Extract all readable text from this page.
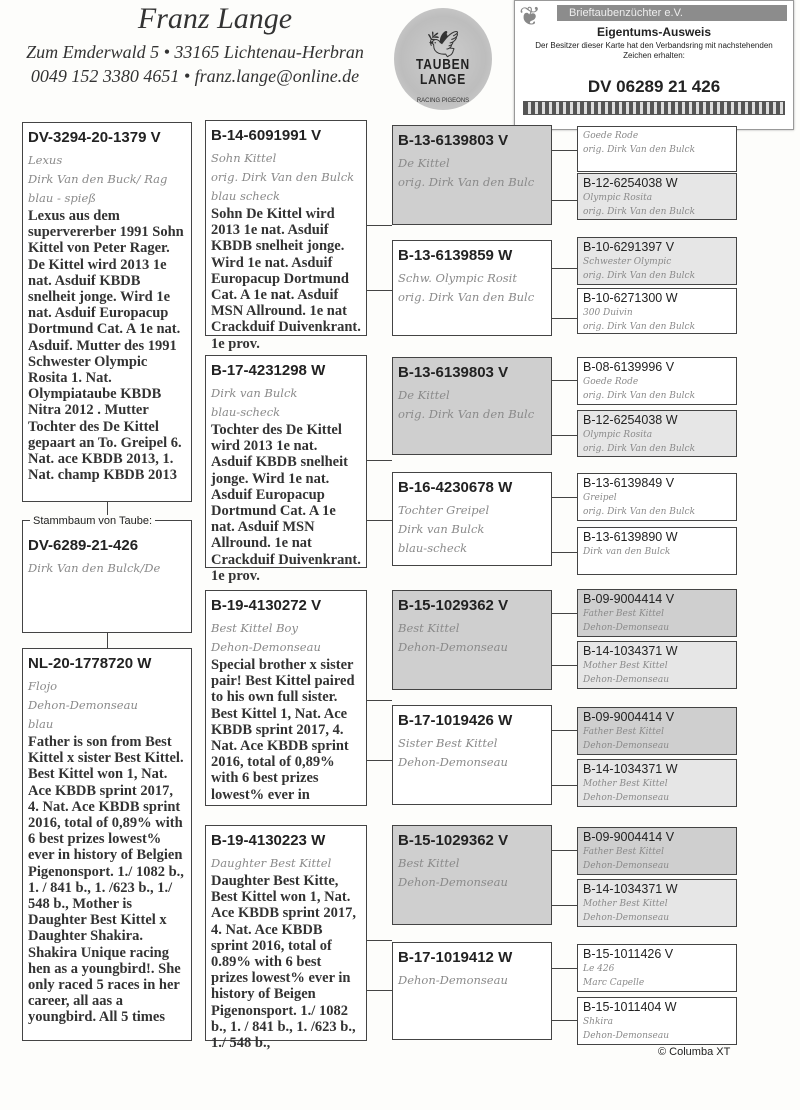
Franz Lange
Zum Emderwald 5 • 33165 Lichtenau-Herbran
0049 152 3380 4651 • franz.lange@online.de
🕊
TAUBEN LANGE
RACING PIGEONS
❦	Brieftaubenzüchter e.V.
Eigentums-Ausweis
Der Besitzer dieser Karte hat den Verbandsring mit nachstehenden Zeichen erhalten:
DV 06289 21 426
Stammbaum von Taube:
DV-6289-21-426
Dirk Van den Bulck/De
DV-3294-20-1379 V
Lexus
Dirk Van den Buck/ Rag
blau - spieß
Lexus aus dem supervererber 1991 Sohn Kittel von Peter Rager. De Kittel wird 2013 1e nat. Asduif KBDB snelheit jonge. Wird 1e nat. Asduif Europacup Dortmund Cat. A 1e nat. Asduif. Mutter des 1991 Schwester Olympic Rosita 1. Nat. Olympiataube KBDB Nitra 2012 . Mutter Tochter des De Kittel gepaart an To. Greipel 6. Nat. ace KBDB 2013, 1. Nat. champ KBDB 2013
NL-20-1778720 W
Flojo
Dehon-Demonseau
blau
Father is son from Best Kittel x sister Best Kittel. Best Kittel won 1, Nat. Ace KBDB sprint 2017, 4. Nat. Ace KBDB sprint 2016, total of 0,89% with 6 best prizes lowest% ever in history of Belgien Pigenonsport. 1./ 1082 b., 1. / 841 b., 1. /623 b., 1./ 548 b., Mother is Daughter Best Kittel x Daughter Shakira. Shakira Unique racing hen as a youngbird!. She only raced 5 races in her career, all aas a youngbird. All 5 times
B-14-6091991 V
Sohn Kittel
orig. Dirk Van den Bulck
blau scheck
Sohn De Kittel wird 2013 1e nat. Asduif KBDB snelheit jonge. Wird 1e nat. Asduif Europacup Dortmund Cat. A 1e nat. Asduif MSN Allround. 1e nat Crackduif Duivenkrant. 1e prov.
B-17-4231298 W
Dirk van Bulck
blau-scheck
Tochter des De Kittel wird 2013 1e nat. Asduif KBDB snelheit jonge. Wird 1e nat. Asduif Europacup Dortmund Cat. A 1e nat. Asduif MSN Allround. 1e nat Crackduif Duivenkrant. 1e prov.
B-19-4130272 V
Best Kittel Boy
Dehon-Demonseau
Special brother x sister pair! Best Kittel paired to his own full sister. Best Kittel 1, Nat. Ace KBDB sprint 2017, 4. Nat. Ace KBDB sprint 2016, total of 0,89% with 6 best prizes lowest% ever in
B-19-4130223 W
Daughter Best Kittel
Daughter Best Kitte, Best Kittel won 1, Nat. Ace KBDB sprint 2017, 4. Nat. Ace KBDB sprint 2016, total of 0.89% with 6 best prizes lowest% ever in history of Beigen Pigenonsport. 1./ 1082 b., 1. / 841 b., 1. /623 b., 1./ 548 b.,
B-13-6139803 V
De Kittel
orig. Dirk Van den Bulc
B-13-6139859 W
Schw. Olympic Rosit
orig. Dirk Van den Bulc
B-13-6139803 V
De Kittel
orig. Dirk Van den Bulc
B-16-4230678 W
Tochter Greipel
Dirk van Bulck
blau-scheck
B-15-1029362 V
Best Kittel
Dehon-Demonseau
B-17-1019426 W
Sister Best Kittel
Dehon-Demonseau
B-15-1029362 V
Best Kittel
Dehon-Demonseau
B-17-1019412 W
Dehon-Demonseau
Goede Rode
orig. Dirk Van den Bulck
B-12-6254038 W
Olympic Rosita
orig. Dirk Van den Bulck
B-10-6291397 V
Schwester Olympic
orig. Dirk Van den Bulck
B-10-6271300 W
300 Duivin
orig. Dirk Van den Bulck
B-08-6139996 V
Goede Rode
orig. Dirk Van den Bulck
B-12-6254038 W
Olympic Rosita
orig. Dirk Van den Bulck
B-13-6139849 V
Greipel
orig. Dirk Van den Bulck
B-13-6139890 W
Dirk van den Bulck
B-09-9004414 V
Father Best Kittel
Dehon-Demonseau
B-14-1034371 W
Mother Best Kittel
Dehon-Demonseau
B-09-9004414 V
Father Best Kittel
Dehon-Demonseau
B-14-1034371 W
Mother Best Kittel
Dehon-Demonseau
B-09-9004414 V
Father Best Kittel
Dehon-Demonseau
B-14-1034371 W
Mother Best Kittel
Dehon-Demonseau
B-15-1011426 V
Le 426
Marc Capelle
B-15-1011404 W
Shkira
Dehon-Demonseau
© Columba XT
